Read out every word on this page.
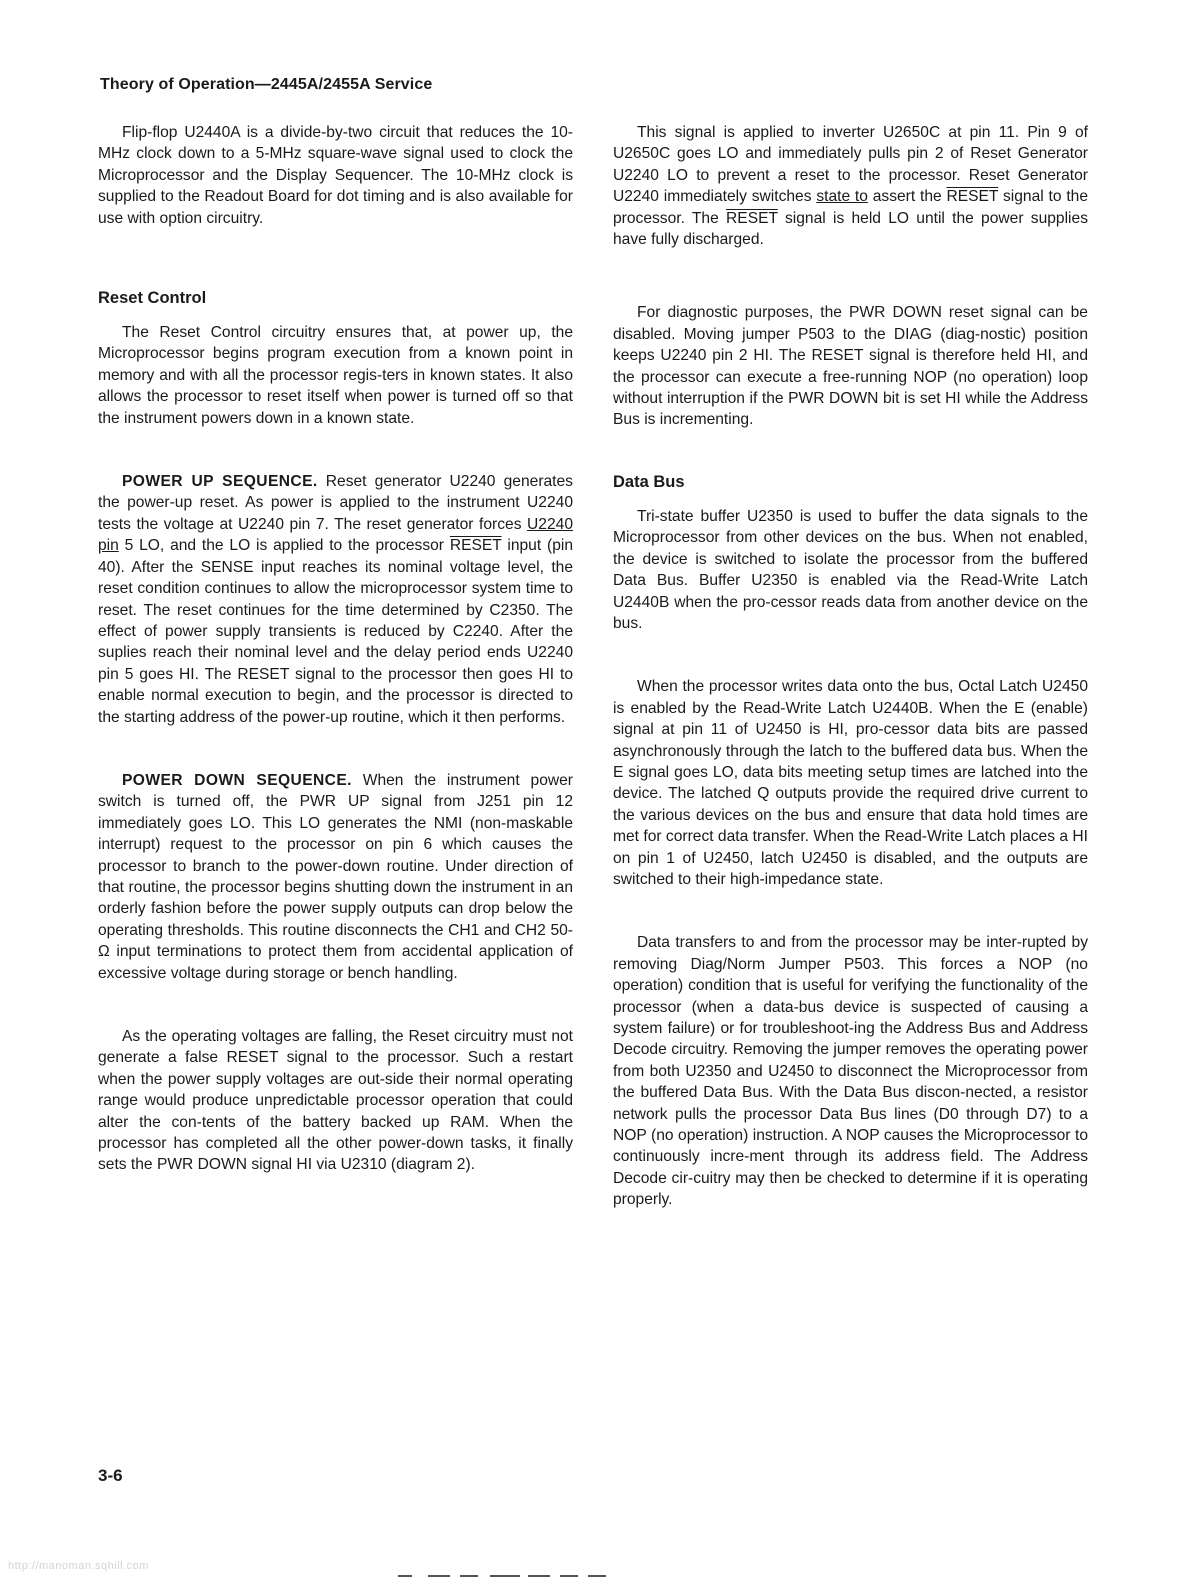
Theory of Operation—2445A/2455A Service

Flip-flop U2440A is a divide-by-two circuit that reduces the 10-MHz clock down to a 5-MHz square-wave signal used to clock the Microprocessor and the Display Sequencer. The 10-MHz clock is supplied to the Readout Board for dot timing and is also available for use with option circuitry.

Reset Control

The Reset Control circuitry ensures that, at power up, the Microprocessor begins program execution from a known point in memory and with all the processor regis-ters in known states. It also allows the processor to reset itself when power is turned off so that the instrument powers down in a known state.

POWER UP SEQUENCE. Reset generator U2240 generates the power-up reset. As power is applied to the instrument U2240 tests the voltage at U2240 pin 7. The reset generator forces U2240 pin 5 LO, and the LO is applied to the processor RESET input (pin 40). After the SENSE input reaches its nominal voltage level, the reset condition continues to allow the microprocessor system time to reset. The reset continues for the time determined by C2350. The effect of power supply transients is reduced by C2240. After the suplies reach their nominal level and the delay period ends U2240 pin 5 goes HI. The RESET signal to the processor then goes HI to enable normal execution to begin, and the processor is directed to the starting address of the power-up routine, which it then performs.

POWER DOWN SEQUENCE. When the instrument power switch is turned off, the PWR UP signal from J251 pin 12 immediately goes LO. This LO generates the NMI (non-maskable interrupt) request to the processor on pin 6 which causes the processor to branch to the power-down routine. Under direction of that routine, the processor begins shutting down the instrument in an orderly fashion before the power supply outputs can drop below the operating thresholds. This routine disconnects the CH1 and CH2 50-Ω input terminations to protect them from accidental application of excessive voltage during storage or bench handling.

As the operating voltages are falling, the Reset circuitry must not generate a false RESET signal to the processor. Such a restart when the power supply voltages are out-side their normal operating range would produce unpredictable processor operation that could alter the con-tents of the battery backed up RAM. When the processor has completed all the other power-down tasks, it finally sets the PWR DOWN signal HI via U2310 (diagram 2).

This signal is applied to inverter U2650C at pin 11. Pin 9 of U2650C goes LO and immediately pulls pin 2 of Reset Generator U2240 LO to prevent a reset to the processor. Reset Generator U2240 immediately switches state to assert the RESET signal to the processor. The RESET signal is held LO until the power supplies have fully discharged.

For diagnostic purposes, the PWR DOWN reset signal can be disabled. Moving jumper P503 to the DIAG (diag-nostic) position keeps U2240 pin 2 HI. The RESET signal is therefore held HI, and the processor can execute a free-running NOP (no operation) loop without interruption if the PWR DOWN bit is set HI while the Address Bus is incrementing.

Data Bus

Tri-state buffer U2350 is used to buffer the data signals to the Microprocessor from other devices on the bus. When not enabled, the device is switched to isolate the processor from the buffered Data Bus. Buffer U2350 is enabled via the Read-Write Latch U2440B when the pro-cessor reads data from another device on the bus.

When the processor writes data onto the bus, Octal Latch U2450 is enabled by the Read-Write Latch U2440B. When the E (enable) signal at pin 11 of U2450 is HI, pro-cessor data bits are passed asynchronously through the latch to the buffered data bus. When the E signal goes LO, data bits meeting setup times are latched into the device. The latched Q outputs provide the required drive current to the various devices on the bus and ensure that data hold times are met for correct data transfer. When the Read-Write Latch places a HI on pin 1 of U2450, latch U2450 is disabled, and the outputs are switched to their high-impedance state.

Data transfers to and from the processor may be inter-rupted by removing Diag/Norm Jumper P503. This forces a NOP (no operation) condition that is useful for verifying the functionality of the processor (when a data-bus device is suspected of causing a system failure) or for troubleshoot-ing the Address Bus and Address Decode circuitry. Removing the jumper removes the operating power from both U2350 and U2450 to disconnect the Microprocessor from the buffered Data Bus. With the Data Bus discon-nected, a resistor network pulls the processor Data Bus lines (D0 through D7) to a NOP (no operation) instruction. A NOP causes the Microprocessor to continuously incre-ment through its address field. The Address Decode cir-cuitry may then be checked to determine if it is operating properly.

3-6
http://manoman.sqhill.com
